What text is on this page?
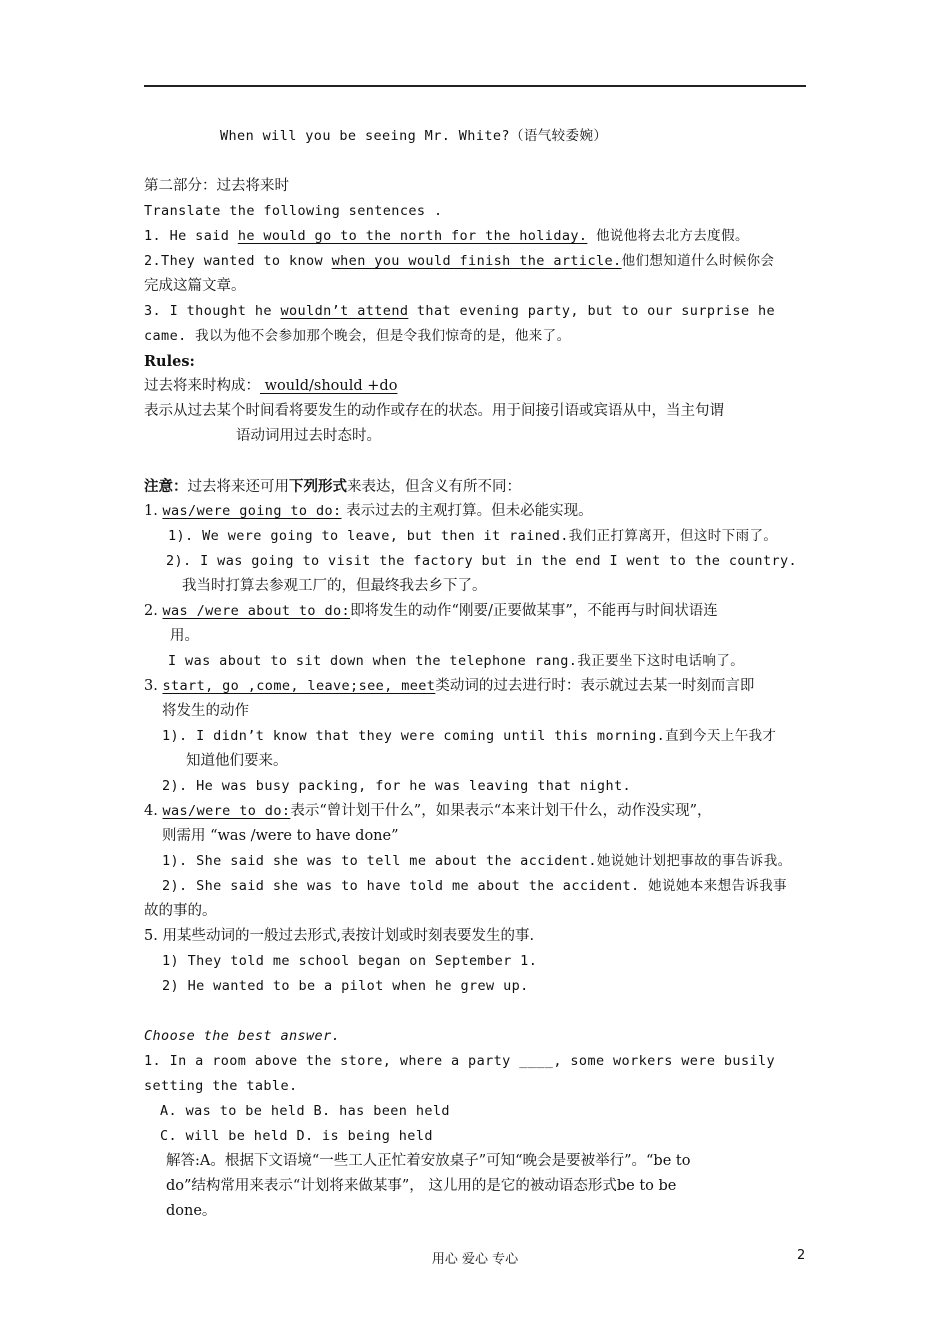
When will you be seeing Mr. White?（语气较委婉）
第二部分：过去将来时
Translate the following sentences .
1. He said he would go to the north for the holiday. 他说他将去北方去度假。
2.They wanted to know when you would finish the article.他们想知道什么时候你会
完成这篇文章。
3. I thought he wouldn’t attend that evening party, but to our surprise he
came. 我以为他不会参加那个晚会，但是令我们惊奇的是，他来了。
Rules:
过去将来时构成： would/should +do
表示从过去某个时间看将要发生的动作或存在的状态。用于间接引语或宾语从中，当主句谓
语动词用过去时态时。
注意：过去将来还可用下列形式来表达，但含义有所不同：
1. was/were going to do: 表示过去的主观打算。但未必能实现。
1). We were going to leave, but then it rained.我们正打算离开，但这时下雨了。
2). I was going to visit the factory but in the end I went to the country.
我当时打算去参观工厂的，但最终我去乡下了。
2. was /were about to do:即将发生的动作“刚要/正要做某事”，不能再与时间状语连
用。
I was about to sit down when the telephone rang.我正要坐下这时电话响了。
3. start, go ,come, leave;see, meet类动词的过去进行时：表示就过去某一时刻而言即
将发生的动作
1). I didn’t know that they were coming until this morning.直到今天上午我才
知道他们要来。
2). He was busy packing, for he was leaving that night.
4. was/were to do:表示“曾计划干什么”，如果表示“本来计划干什么，动作没实现”，
则需用 “was /were to have done”
1). She said she was to tell me about the accident.她说她计划把事故的事告诉我。
2). She said she was to have told me about the accident. 她说她本来想告诉我事
故的事的。
5. 用某些动词的一般过去形式,表按计划或时刻表要发生的事.
1) They told me school began on September 1.
2) He wanted to be a pilot when he grew up.
Choose the best answer.
1. In a room above the store, where a party ____, some workers were busily
setting the table.
A. was to be held B. has been held
C. will be held D. is being held
解答:A。根据下文语境“一些工人正忙着安放桌子”可知“晚会是要被举行”。“be to
do”结构常用来表示“计划将来做某事”， 这儿用的是它的被动语态形式be to be
done。
用心 爱心 专心	2
